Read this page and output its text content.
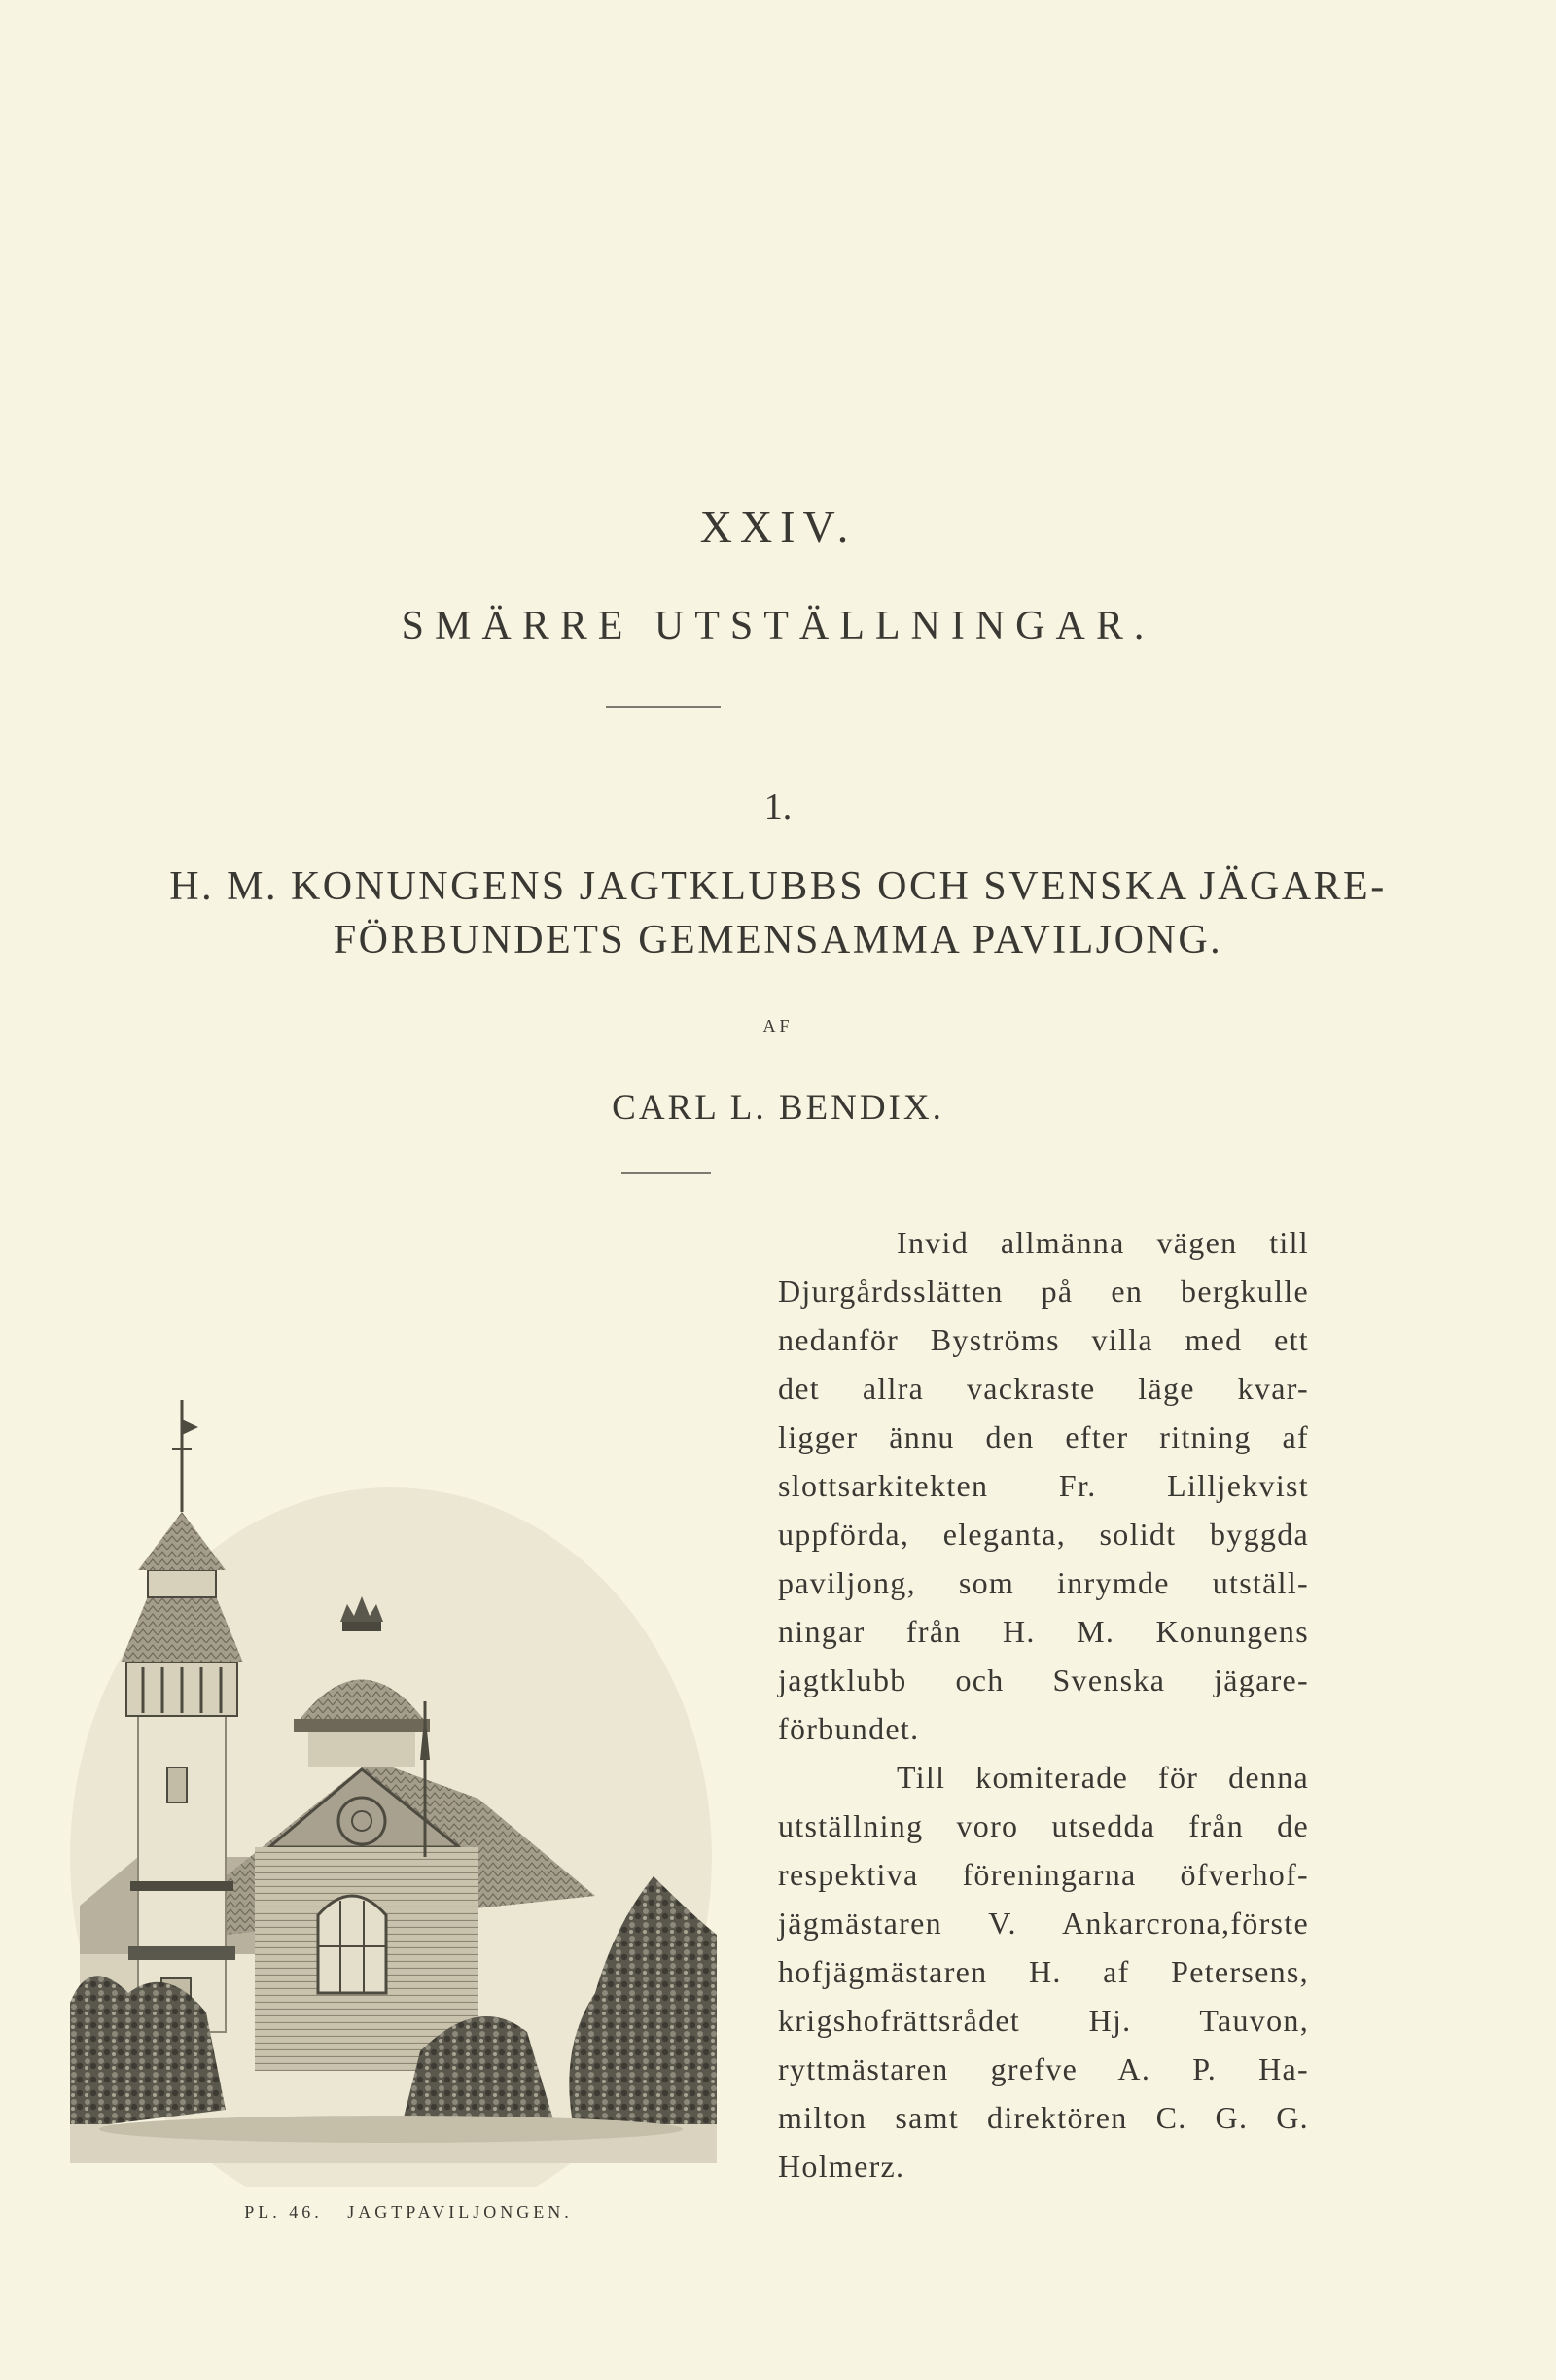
XXIV.
SMÄRRE UTSTÄLLNINGAR.
1.
H. M. KONUNGENS JAGTKLUBBS OCH SVENSKA JÄGARE-
FÖRBUNDETS GEMENSAMMA PAVILJONG.
AF
CARL L. BENDIX.
PL. 46.   JAGTPAVILJONGEN.
Invid allmänna vägen till
Djurgårdsslätten på en bergkulle
nedanför Byströms villa med ett
det allra vackraste läge kvar-
ligger ännu den efter ritning af
slottsarkitekten Fr. Lilljekvist
uppförda, eleganta, solidt byggda
paviljong, som inrymde utställ-
ningar från H. M. Konungens
jagtklubb och Svenska jägare-
förbundet.
Till komiterade för denna
utställning voro utsedda från de
respektiva föreningarna öfverhof-
jägmästaren V. Ankarcrona,förste
hofjägmästaren H. af Petersens,
krigshofrättsrådet Hj. Tauvon,
ryttmästaren grefve A. P. Ha-
milton samt direktören C. G. G.
Holmerz.
